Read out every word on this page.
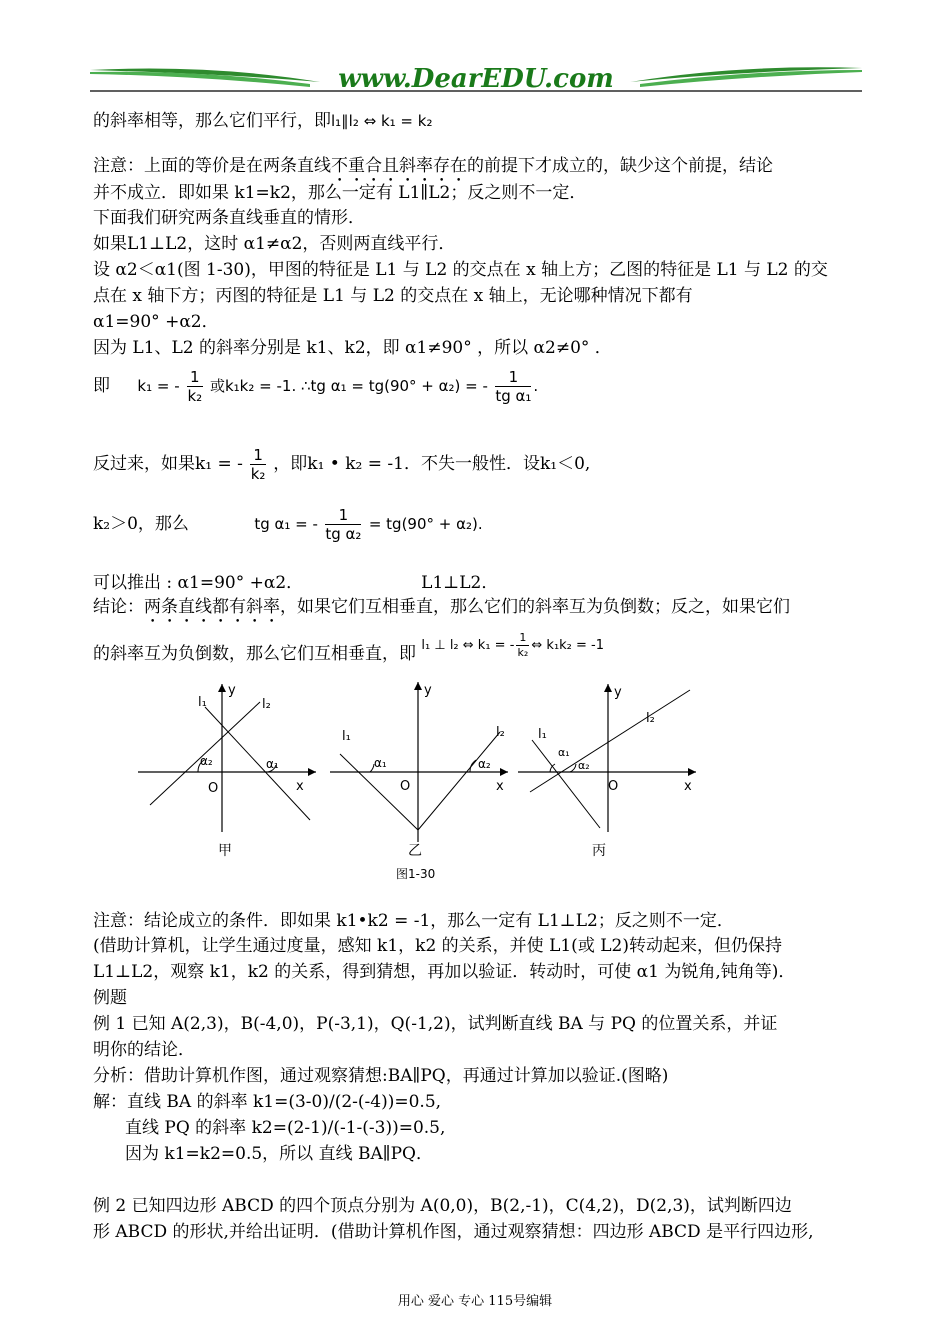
www.DearEDU.com
的斜率相等，那么它们平行，即l₁∥l₂ ⇔ k₁ = k₂
注意：上面的等价是在两条直线不重合且斜率存在的前提下才成立的，缺少这个前提，结论
并不成立．即如果 k1=k2，那么一定有 L1∥L2；反之则不一定．
下面我们研究两条直线垂直的情形．
如果L1⊥L2，这时 α1≠α2，否则两直线平行．
设 α2＜α1(图 1-30)，甲图的特征是 L1 与 L2 的交点在 x 轴上方；乙图的特征是 L1 与 L2 的交
点在 x 轴下方；丙图的特征是 L1 与 L2 的交点在 x 轴上，无论哪种情况下都有
α1=90° +α2．
因为 L1、L2 的斜率分别是 k1、k2，即 α1≠90° ，所以 α2≠0° ．
即 k₁ = - $\frac{1}{\text{k₂}}$ 或k₁k₂ = -1. ∴tg α₁ = tg(90° + α₂) = - $\frac{1}{\text{tg α₁}}$ .
反过来，如果k₁ = - $\frac{1}{\text{k₂}}$ ，即k₁ • k₂ = -1．不失一般性．设k₁＜0,
k₂＞0，那么	tg α₁ = - $\frac{1}{\text{tg α₂}} = tg(90^\circ + \alpha_2)$.
可以推出 : α1=90° +α2．	L1⊥L2．
结论：两条直线都有斜率，如果它们互相垂直，那么它们的斜率互为负倒数；反之，如果它们
的斜率互为负倒数，那么它们互相垂直，即 $^{l_1 \perp l_2 \Leftrightarrow k_1 = - \frac{1}{\text{k₂}} \Leftrightarrow k_1k_2 = -1}$
l₁	l₂
y
x
O
α₁
α₂
甲
l₁	l₂
y
x
O
α₁	α₂
乙
l₁
l₂
y
x
O
α₁
α₂
丙
图1-30
注意：结论成立的条件．即如果 k1•k2 = -1，那么一定有 L1⊥L2；反之则不一定．
(借助计算机，让学生通过度量，感知 k1，k2 的关系，并使 L1(或 L2)转动起来，但仍保持
L1⊥L2，观察 k1，k2 的关系，得到猜想，再加以验证．转动时，可使 α1 为锐角,钝角等)．
例题
例 1 已知 A(2,3)，B(-4,0)，P(-3,1)，Q(-1,2)，试判断直线 BA 与 PQ 的位置关系，并证
明你的结论．
分析：借助计算机作图，通过观察猜想:BA∥PQ，再通过计算加以验证.(图略)
解：直线 BA 的斜率 k1=(3-0)/(2-(-4))=0.5,
直线 PQ 的斜率 k2=(2-1)/(-1-(-3))=0.5,
因为 k1=k2=0.5，所以 直线 BA∥PQ．
例 2 已知四边形 ABCD 的四个顶点分别为 A(0,0)，B(2,-1)，C(4,2)，D(2,3)，试判断四边
形 ABCD 的形状,并给出证明．(借助计算机作图，通过观察猜想：四边形 ABCD 是平行四边形,
用心 爱心 专心 115号编辑
